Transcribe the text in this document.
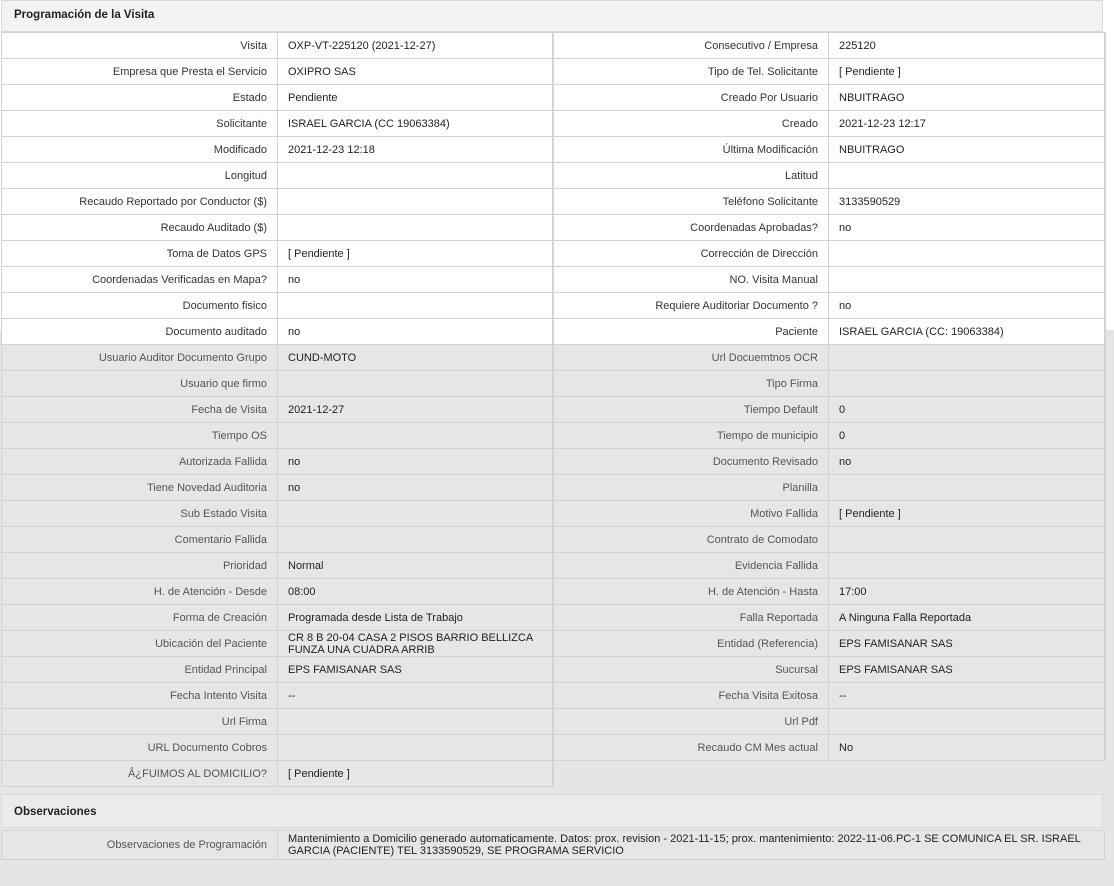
Programación de la Visita
Visita	OXP-VT-225120 (2021-12-27)	Consecutivo / Empresa	225120
Empresa que Presta el Servicio	OXIPRO SAS	Tipo de Tel. Solicitante	[ Pendiente ]
Estado	Pendiente	Creado Por Usuario	NBUITRAGO
Solicitante	ISRAEL GARCIA (CC 19063384)	Creado	2021-12-23 12:17
Modificado	2021-12-23 12:18	Última Modificación	NBUITRAGO
Longitud		Latitud	
Recaudo Reportado por Conductor ($)		Teléfono Solicitante	3133590529
Recaudo Auditado ($)		Coordenadas Aprobadas?	no
Toma de Datos GPS	[ Pendiente ]	Corrección de Dirección	
Coordenadas Verificadas en Mapa?	no	NO. Visita Manual	
Documento fisico		Requiere Auditoriar Documento ?	no
Documento auditado	no	Paciente	ISRAEL GARCIA (CC: 19063384)
Usuario Auditor Documento Grupo	CUND-MOTO	Url Docuemtnos OCR	
Usuario que firmo		Tipo Firma	
Fecha de Visita	2021-12-27	Tiempo Default	0
Tiempo OS		Tiempo de municipio	0
Autorizada Fallida	no	Documento Revisado	no
Tiene Novedad Auditoria	no	Planilla	
Sub Estado Visita		Motivo Fallida	[ Pendiente ]
Comentario Fallida		Contrato de Comodato	
Prioridad	Normal	Evidencia Fallida	
H. de Atención - Desde	08:00	H. de Atención - Hasta	17:00
Forma de Creación	Programada desde Lista de Trabajo	Falla Reportada	A Ninguna Falla Reportada
Ubicación del Paciente	CR 8 B 20-04 CASA 2 PISOS BARRIO BELLIZCA FUNZA UNA CUADRA ARRIB	Entidad (Referencia)	EPS FAMISANAR SAS
Entidad Principal	EPS FAMISANAR SAS	Sucursal	EPS FAMISANAR SAS
Fecha Intento Visita	--	Fecha Visita Exitosa	--
Url Firma		Url Pdf	
URL Documento Cobros		Recaudo CM Mes actual	No
Â¿FUIMOS AL DOMICILIO?	[ Pendiente ]		
Observaciones
Observaciones de Programación	Mantenimiento a Domicilio generado automaticamente. Datos: prox. revision - 2021-11-15; prox. mantenimiento: 2022-11-06.PC-1 SE COMUNICA EL SR. ISRAEL GARCIA (PACIENTE) TEL 3133590529, SE PROGRAMA SERVICIO
